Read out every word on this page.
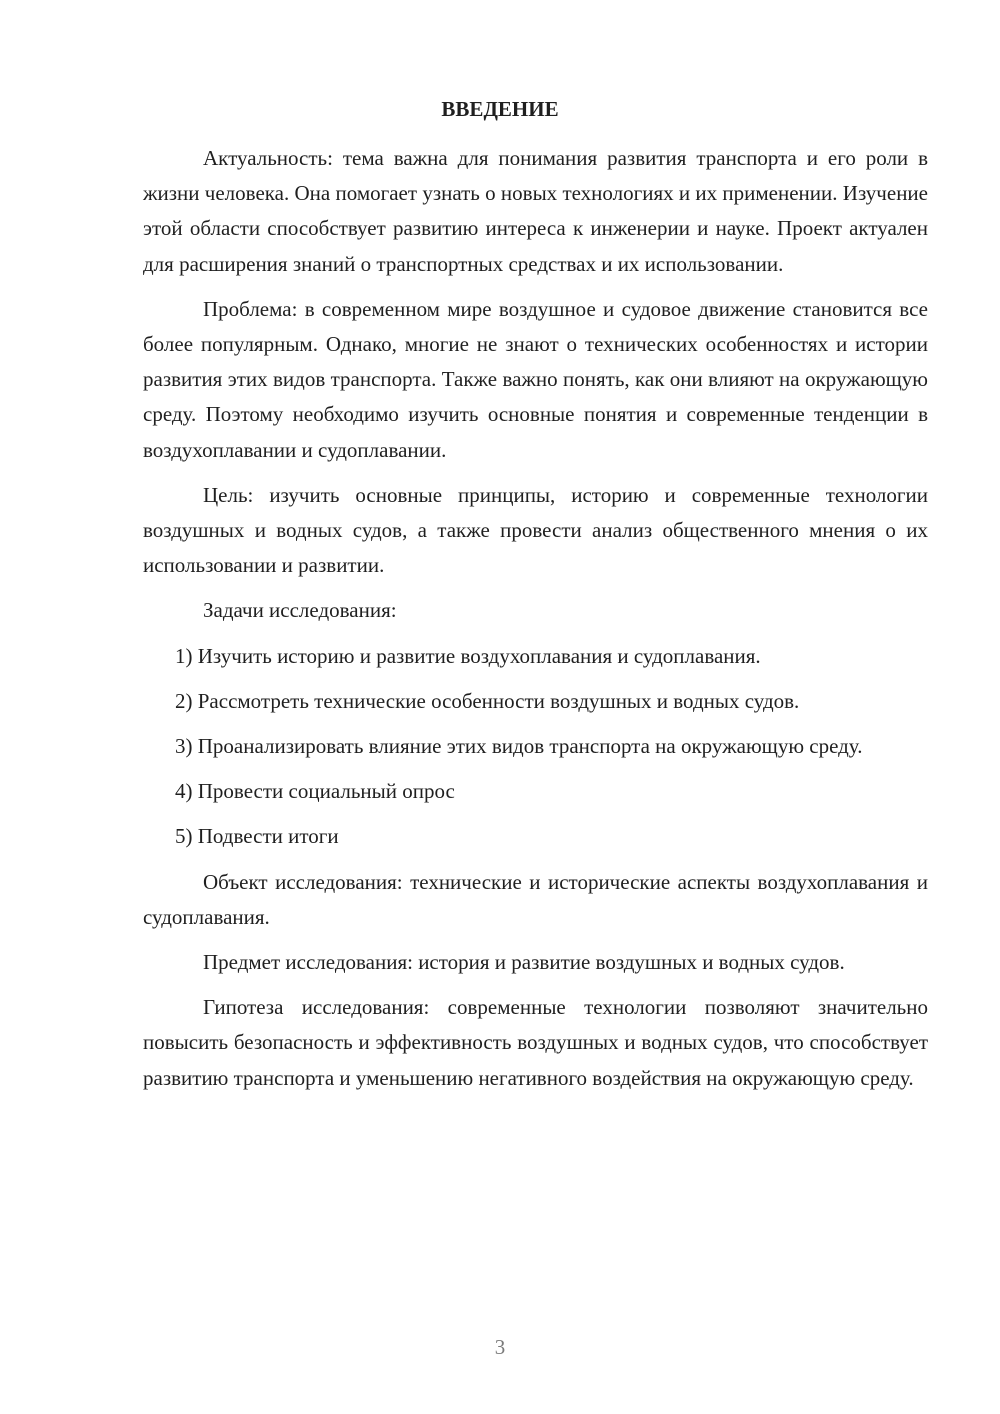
ВВЕДЕНИЕ

Актуальность: тема важна для понимания развития транспорта и его роли в жизни человека. Она помогает узнать о новых технологиях и их применении. Изучение этой области способствует развитию интереса к инженерии и науке. Проект актуален для расширения знаний о транспортных средствах и их использовании.

Проблема: в современном мире воздушное и судовое движение становится все более популярным. Однако, многие не знают о технических особенностях и истории развития этих видов транспорта. Также важно понять, как они влияют на окружающую среду. Поэтому необходимо изучить основные понятия и современные тенденции в воздухоплавании и судоплавании.

Цель: изучить основные принципы, историю и современные технологии воздушных и водных судов, а также провести анализ общественного мнения о их использовании и развитии.

Задачи исследования:

1) Изучить историю и развитие воздухоплавания и судоплавания.

2) Рассмотреть технические особенности воздушных и водных судов.

3) Проанализировать влияние этих видов транспорта на окружающую среду.

4) Провести социальный опрос

5) Подвести итоги

Объект исследования: технические и исторические аспекты воздухоплавания и судоплавания.

Предмет исследования: история и развитие воздушных и водных судов.

Гипотеза исследования: современные технологии позволяют значительно повысить безопасность и эффективность воздушных и водных судов, что способствует развитию транспорта и уменьшению негативного воздействия на окружающую среду.

3
